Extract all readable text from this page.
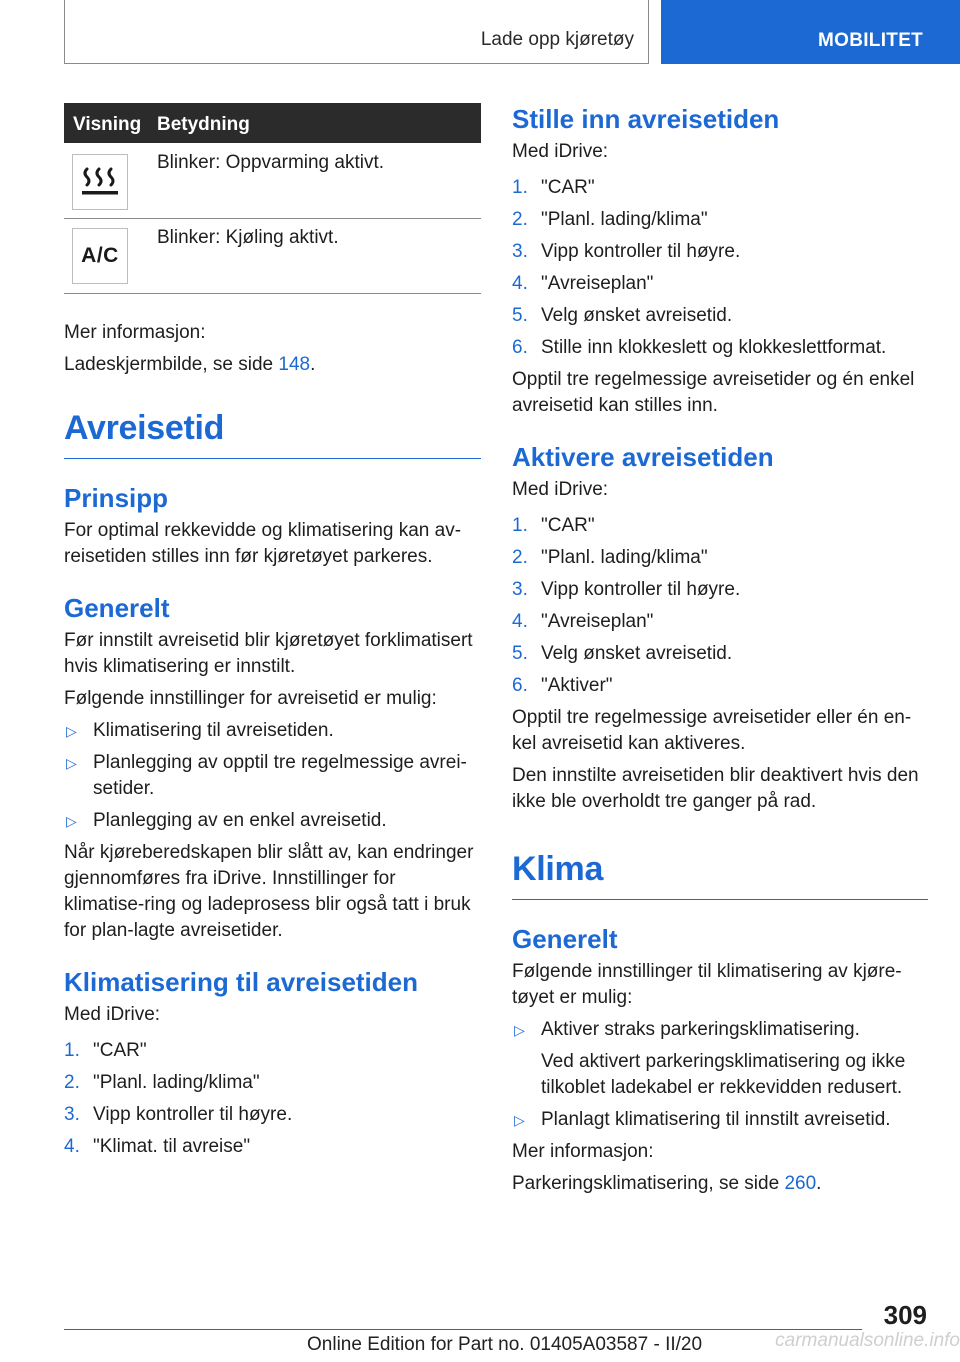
Lade opp kjøretøy	MOBILITET
Visning Betydning
Blinker: Oppvarming aktivt.
A/C
Blinker: Kjøling aktivt.

Mer informasjon:

Ladeskjermbilde, se side 148.

Avreisetid
Prinsipp

For optimal rekkevidde og klimatisering kan av-reisetiden stilles inn før kjøretøyet parkeres.

Generelt

Før innstilt avreisetid blir kjøretøyet forklimatisert hvis klimatisering er innstilt.

Følgende innstillinger for avreisetid er mulig:

▷ Klimatisering til avreisetiden.
▷ Planlegging av opptil tre regelmessige avrei-setider.
▷ Planlegging av en enkel avreisetid.

Når kjøreberedskapen blir slått av, kan endringer gjennomføres fra iDrive. Innstillinger for klimatise-ring og ladeprosess blir også tatt i bruk for plan-lagte avreisetider.

Klimatisering til avreisetiden

Med iDrive:

1. "CAR"
2. "Planl. lading/klima"
3. Vipp kontroller til høyre.
4. "Klimat. til avreise"
Stille inn avreisetiden

Med iDrive:

1. "CAR"
2. "Planl. lading/klima"
3. Vipp kontroller til høyre.
4. "Avreiseplan"
5. Velg ønsket avreisetid.
6. Stille inn klokkeslett og klokkeslettformat.

Opptil tre regelmessige avreisetider og én enkel avreisetid kan stilles inn.

Aktivere avreisetiden

Med iDrive:

1. "CAR"
2. "Planl. lading/klima"
3. Vipp kontroller til høyre.
4. "Avreiseplan"
5. Velg ønsket avreisetid.
6. "Aktiver"

Opptil tre regelmessige avreisetider eller én en-kel avreisetid kan aktiveres.

Den innstilte avreisetiden blir deaktivert hvis den ikke ble overholdt tre ganger på rad.

Klima
Generelt

Følgende innstillinger til klimatisering av kjøre-tøyet er mulig:

▷ Aktiver straks parkeringsklimatisering.
Ved aktivert parkeringsklimatisering og ikke tilkoblet ladekabel er rekkevidden redusert.
▷ Planlagt klimatisering til innstilt avreisetid.

Mer informasjon:

Parkeringsklimatisering, se side 260.

309
Online Edition for Part no. 01405A03587 - II/20	carmanualsonline.info
